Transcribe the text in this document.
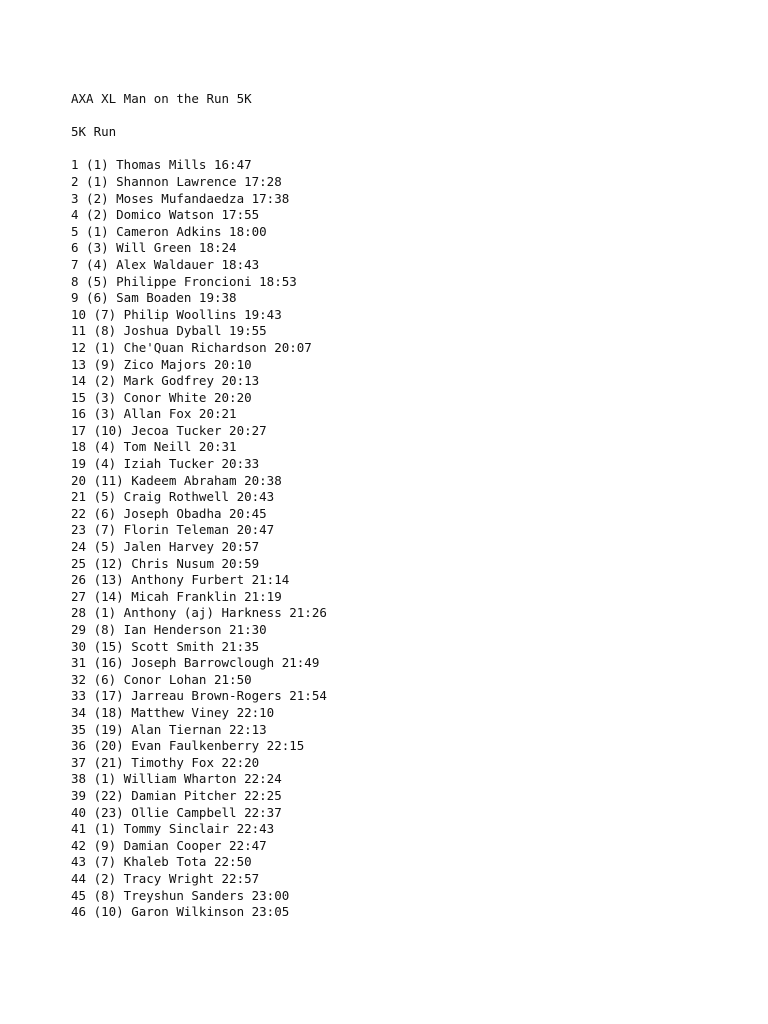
AXA XL Man on the Run 5K
5K Run
1 (1) Thomas Mills 16:47
2 (1) Shannon Lawrence 17:28
3 (2) Moses Mufandaedza 17:38
4 (2) Domico Watson 17:55
5 (1) Cameron Adkins 18:00
6 (3) Will Green 18:24
7 (4) Alex Waldauer 18:43
8 (5) Philippe Froncioni 18:53
9 (6) Sam Boaden 19:38
10 (7) Philip Woollins 19:43
11 (8) Joshua Dyball 19:55
12 (1) Che'Quan Richardson 20:07
13 (9) Zico Majors 20:10
14 (2) Mark Godfrey 20:13
15 (3) Conor White 20:20
16 (3) Allan Fox 20:21
17 (10) Jecoa Tucker 20:27
18 (4) Tom Neill 20:31
19 (4) Iziah Tucker 20:33
20 (11) Kadeem Abraham 20:38
21 (5) Craig Rothwell 20:43
22 (6) Joseph Obadha 20:45
23 (7) Florin Teleman 20:47
24 (5) Jalen Harvey 20:57
25 (12) Chris Nusum 20:59
26 (13) Anthony Furbert 21:14
27 (14) Micah Franklin 21:19
28 (1) Anthony (aj) Harkness 21:26
29 (8) Ian Henderson 21:30
30 (15) Scott Smith 21:35
31 (16) Joseph Barrowclough 21:49
32 (6) Conor Lohan 21:50
33 (17) Jarreau Brown-Rogers 21:54
34 (18) Matthew Viney 22:10
35 (19) Alan Tiernan 22:13
36 (20) Evan Faulkenberry 22:15
37 (21) Timothy Fox 22:20
38 (1) William Wharton 22:24
39 (22) Damian Pitcher 22:25
40 (23) Ollie Campbell 22:37
41 (1) Tommy Sinclair 22:43
42 (9) Damian Cooper 22:47
43 (7) Khaleb Tota 22:50
44 (2) Tracy Wright 22:57
45 (8) Treyshun Sanders 23:00
46 (10) Garon Wilkinson 23:05
